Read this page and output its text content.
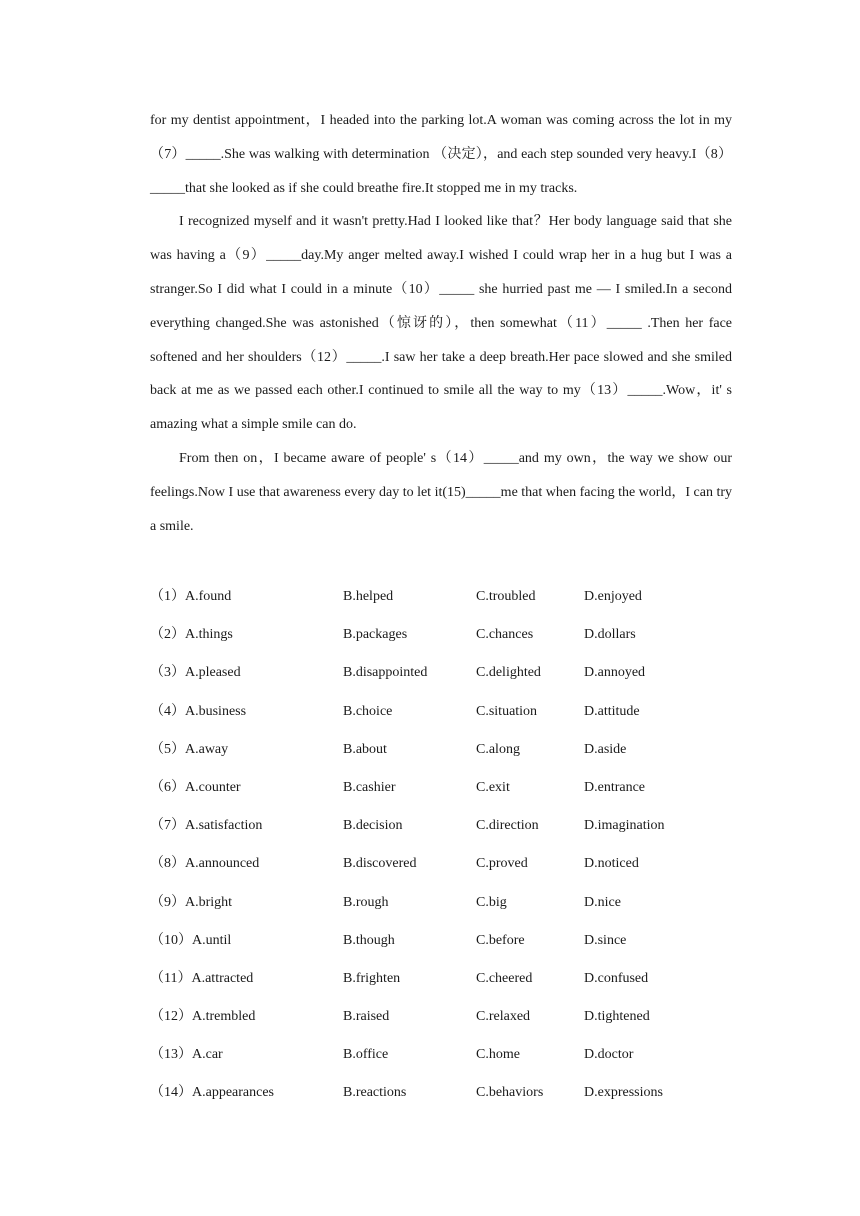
for my dentist appointment，I headed into the parking lot.A woman was coming across the lot in my（7）_____.She was walking with determination （决定），and each step sounded very heavy.I（8）_____that she looked as if she could breathe fire.It stopped me in my tracks.

I recognized myself and it wasn't pretty.Had I looked like that？Her body language said that she was having a（9）_____day.My anger melted away.I wished I could wrap her in a hug but I was a stranger.So I did what I could in a minute（10）_____ she hurried past me — I smiled.In a second everything changed.She was astonished（惊讶的），then somewhat（11）_____ .Then her face softened and her shoulders（12）_____.I saw her take a deep breath.Her pace slowed and she smiled back at me as we passed each other.I continued to smile all the way to my（13）_____.Wow，it' s amazing what a simple smile can do.

From then on，I became aware of people' s（14）_____and my own，the way we show our feelings.Now I use that awareness every day to let it(15)_____me that when facing the world，I can try a smile.

（1）A.found	B.helped	C.troubled	D.enjoyed
（2）A.things	B.packages	C.chances	D.dollars
（3）A.pleased	B.disappointed	C.delighted	D.annoyed
（4）A.business	B.choice	C.situation	D.attitude
（5）A.away	B.about	C.along	D.aside
（6）A.counter	B.cashier	C.exit	D.entrance
（7）A.satisfaction	B.decision	C.direction	D.imagination
（8）A.announced	B.discovered	C.proved	D.noticed
（9）A.bright	B.rough	C.big	D.nice
（10）A.until	B.though	C.before	D.since
（11）A.attracted	B.frighten	C.cheered	D.confused
（12）A.trembled	B.raised	C.relaxed	D.tightened
（13）A.car	B.office	C.home	D.doctor
（14）A.appearances	B.reactions	C.behaviors	D.expressions
